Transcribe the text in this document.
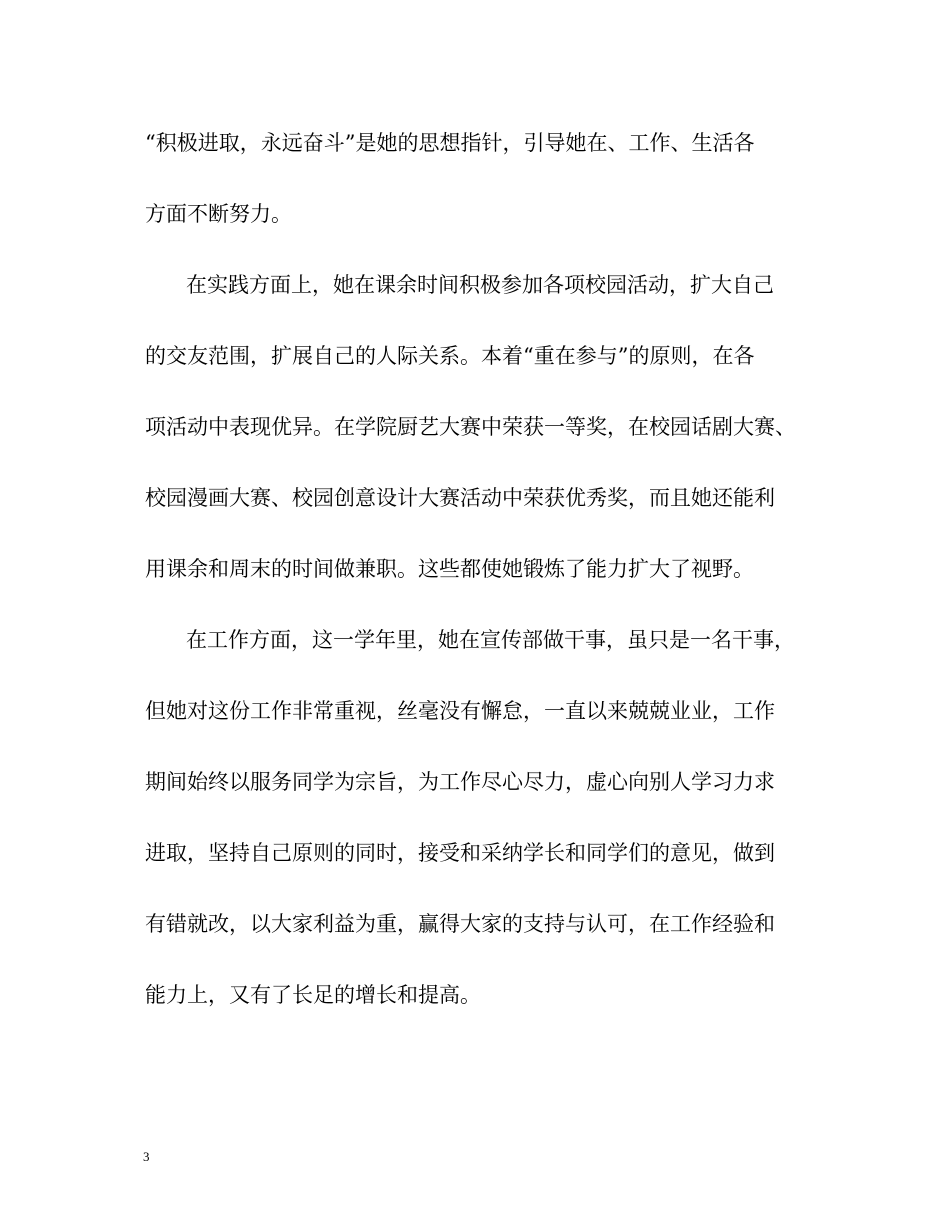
“积极进取，永远奋斗”是她的思想指针，引导她在、工作、生活各

方面不断努力。

在实践方面上，她在课余时间积极参加各项校园活动，扩大自己

的交友范围，扩展自己的人际关系。本着“重在参与”的原则，在各

项活动中表现优异。在学院厨艺大赛中荣获一等奖，在校园话剧大赛、

校园漫画大赛、校园创意设计大赛活动中荣获优秀奖，而且她还能利

用课余和周末的时间做兼职。这些都使她锻炼了能力扩大了视野。

在工作方面，这一学年里，她在宣传部做干事，虽只是一名干事，

但她对这份工作非常重视，丝毫没有懈怠，一直以来兢兢业业，工作

期间始终以服务同学为宗旨，为工作尽心尽力，虚心向别人学习力求

进取，坚持自己原则的同时，接受和采纳学长和同学们的意见，做到

有错就改，以大家利益为重，赢得大家的支持与认可，在工作经验和

能力上，又有了长足的增长和提高。

3
